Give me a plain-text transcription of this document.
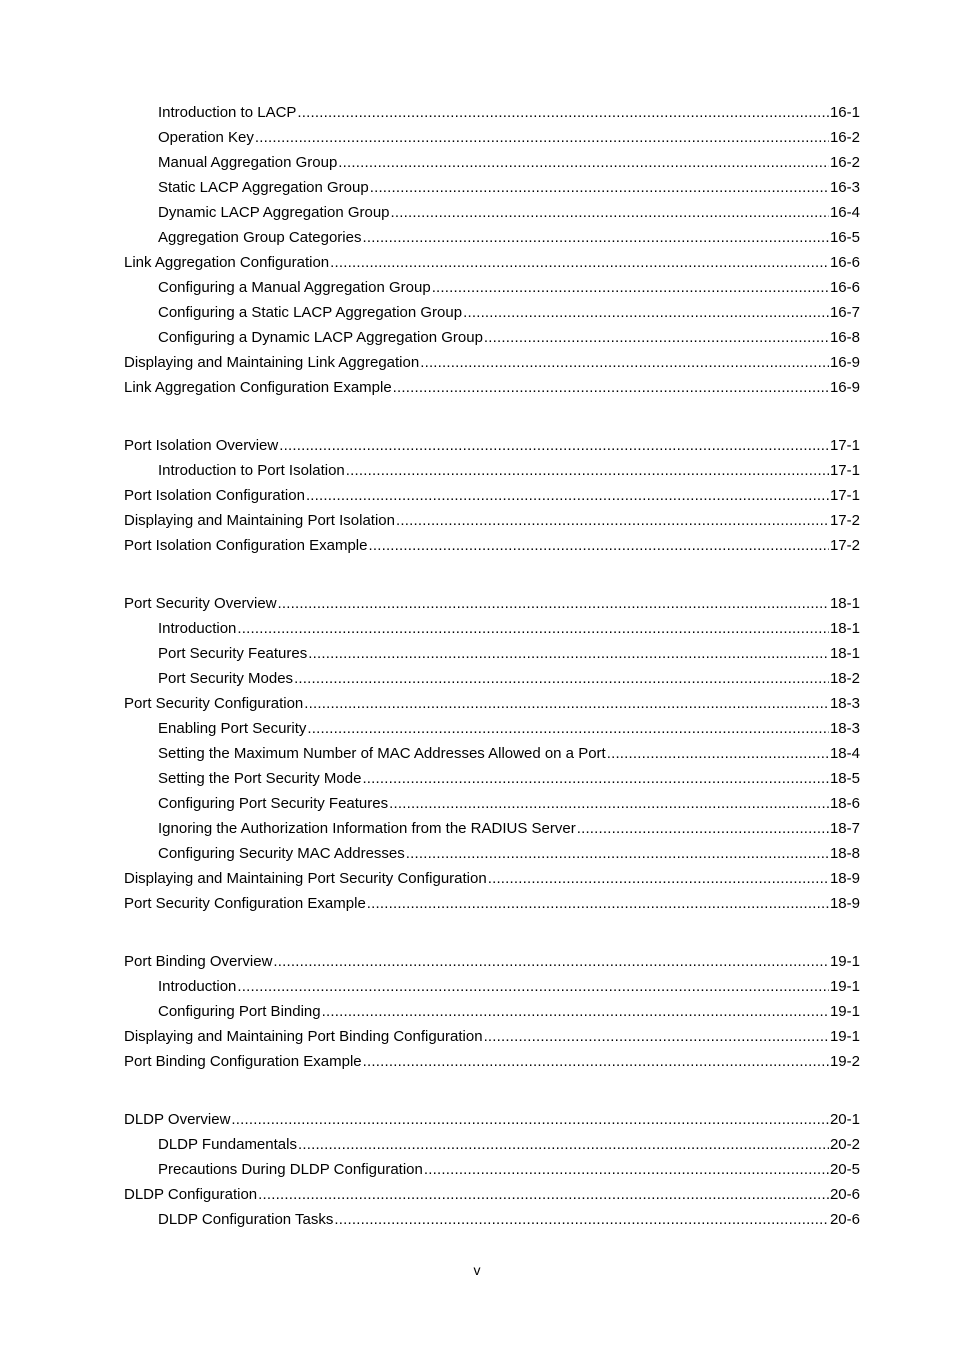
Introduction to LACP .....	16-1
Operation Key .....	16-2
Manual Aggregation Group .....	16-2
Static LACP Aggregation Group .....	16-3
Dynamic LACP Aggregation Group .....	16-4
Aggregation Group Categories .....	16-5
Link Aggregation Configuration .....	16-6
Configuring a Manual Aggregation Group .....	16-6
Configuring a Static LACP Aggregation Group .....	16-7
Configuring a Dynamic LACP Aggregation Group .....	16-8
Displaying and Maintaining Link Aggregation .....	16-9
Link Aggregation Configuration Example .....	16-9
Port Isolation Overview .....	17-1
Introduction to Port Isolation .....	17-1
Port Isolation Configuration .....	17-1
Displaying and Maintaining Port Isolation .....	17-2
Port Isolation Configuration Example .....	17-2
Port Security Overview .....	18-1
Introduction .....	18-1
Port Security Features .....	18-1
Port Security Modes .....	18-2
Port Security Configuration .....	18-3
Enabling Port Security .....	18-3
Setting the Maximum Number of MAC Addresses Allowed on a Port .....	18-4
Setting the Port Security Mode .....	18-5
Configuring Port Security Features .....	18-6
Ignoring the Authorization Information from the RADIUS Server .....	18-7
Configuring Security MAC Addresses .....	18-8
Displaying and Maintaining Port Security Configuration .....	18-9
Port Security Configuration Example .....	18-9
Port Binding Overview .....	19-1
Introduction .....	19-1
Configuring Port Binding .....	19-1
Displaying and Maintaining Port Binding Configuration .....	19-1
Port Binding Configuration Example .....	19-2
DLDP Overview .....	20-1
DLDP Fundamentals .....	20-2
Precautions During DLDP Configuration .....	20-5
DLDP Configuration .....	20-6
DLDP Configuration Tasks .....	20-6
v
